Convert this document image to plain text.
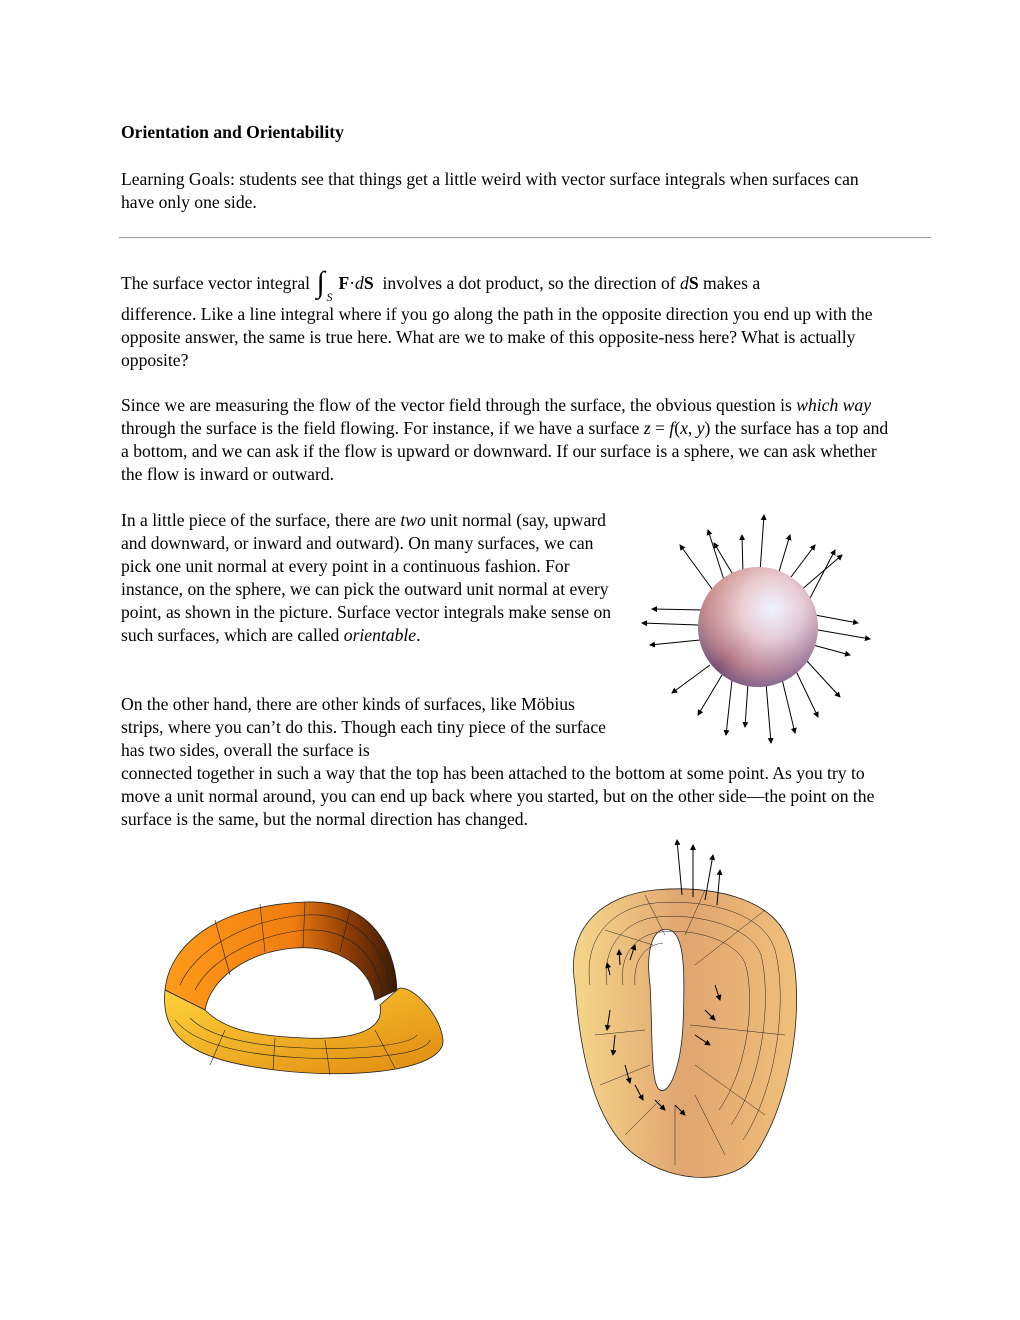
Orientation and Orientability

Learning Goals: students see that things get a little weird with vector surface integrals when surfaces can have only one side.

The surface vector integral ∫ S
F·dS involves a dot product, so the direction of dS makes a

difference. Like a line integral where if you go along the path in the opposite direction you end up with the opposite answer, the same is true here. What are we to make of this opposite-ness here? What is actually opposite?

Since we are measuring the flow of the vector field through the surface, the obvious question is which way through the surface is the field flowing. For instance, if we have a surface z = f(x, y) the surface has a top and a bottom, and we can ask if the flow is upward or downward. If our surface is a sphere, we can ask whether the flow is inward or outward.

In a little piece of the surface, there are two unit normal (say, upward and downward, or inward and outward). On many surfaces, we can pick one unit normal at every point in a continuous fashion. For instance, on the sphere, we can pick the outward unit normal at every point, as shown in the picture. Surface vector integrals make sense on such surfaces, which are called orientable.

On the other hand, there are other kinds of surfaces, like Möbius strips, where you can’t do this. Though each tiny piece of the surface has two sides, overall the surface is

connected together in such a way that the top has been attached to the bottom at some point. As you try to move a unit normal around, you can end up back where you started, but on the other side—the point on the surface is the same, but the normal direction has changed.
